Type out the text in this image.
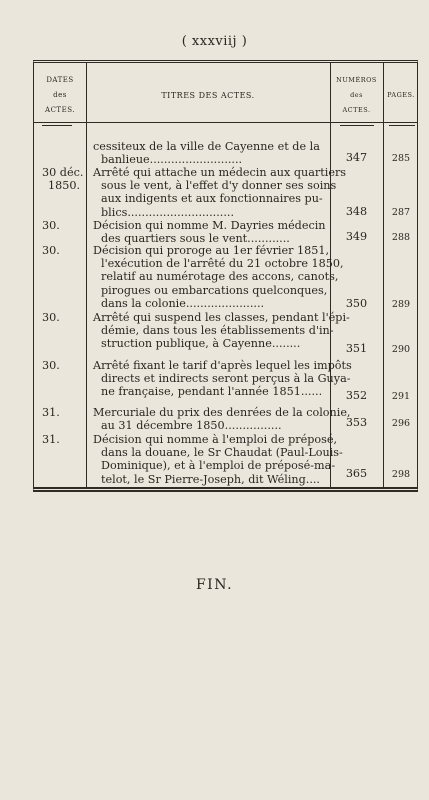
( xxxviij )
DATES
des
ACTES.
TITRES DES ACTES.
NUMÉROS
des
ACTES.
PAGES.
cessiteux de la ville de Cayenne et de la
banlieue..........................	347	285
30 déc.
1850.
Arrêté qui attache un médecin aux quartiers
sous le vent, à l'effet d'y donner ses soins
aux indigents et aux fonctionnaires pu-
blics..............................	348	287
30.	Décision qui nomme M. Dayries médecin
des quartiers sous le vent............	349	288
30.	Décision qui proroge au 1er février 1851,
l'exécution de l'arrêté du 21 octobre 1850,
relatif au numérotage des accons, canots,
pirogues ou embarcations quelconques,
dans la colonie......................	350	289
30.	Arrêté qui suspend les classes, pendant l'épi-
démie, dans tous les établissements d'in-
struction publique, à Cayenne........	351	290
30.	Arrêté fixant le tarif d'après lequel les impôts
directs et indirects seront perçus à la Guya-
ne française, pendant l'année 1851......	352	291
31.	Mercuriale du prix des denrées de la colonie,
au 31 décembre 1850................	353	296
31.	Décision qui nomme à l'emploi de préposé,
dans la douane, le Sr Chaudat (Paul-Louis-
Dominique), et à l'emploi de préposé-ma-
telot, le Sr Pierre-Joseph, dit Wéling....	365	298
FIN.
